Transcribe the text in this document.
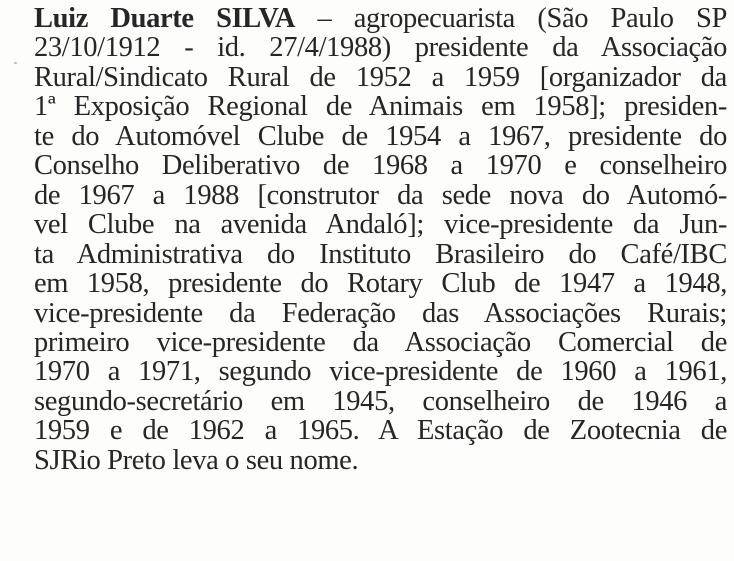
Luiz Duarte SILVA – agropecuarista (São Paulo SP
23/10/1912 - id. 27/4/1988) presidente da Associação
Rural/Sindicato Rural de 1952 a 1959 [organizador da
1ª Exposição Regional de Animais em 1958]; presiden-
te do Automóvel Clube de 1954 a 1967, presidente do
Conselho Deliberativo de 1968 a 1970 e conselheiro
de 1967 a 1988 [construtor da sede nova do Automó-
vel Clube na avenida Andaló]; vice-presidente da Jun-
ta Administrativa do Instituto Brasileiro do Café/IBC
em 1958, presidente do Rotary Club de 1947 a 1948,
vice-presidente da Federação das Associações Rurais;
primeiro vice-presidente da Associação Comercial de
1970 a 1971, segundo vice-presidente de 1960 a 1961,
segundo-secretário em 1945, conselheiro de 1946 a
1959 e de 1962 a 1965. A Estação de Zootecnia de
SJRio Preto leva o seu nome.
